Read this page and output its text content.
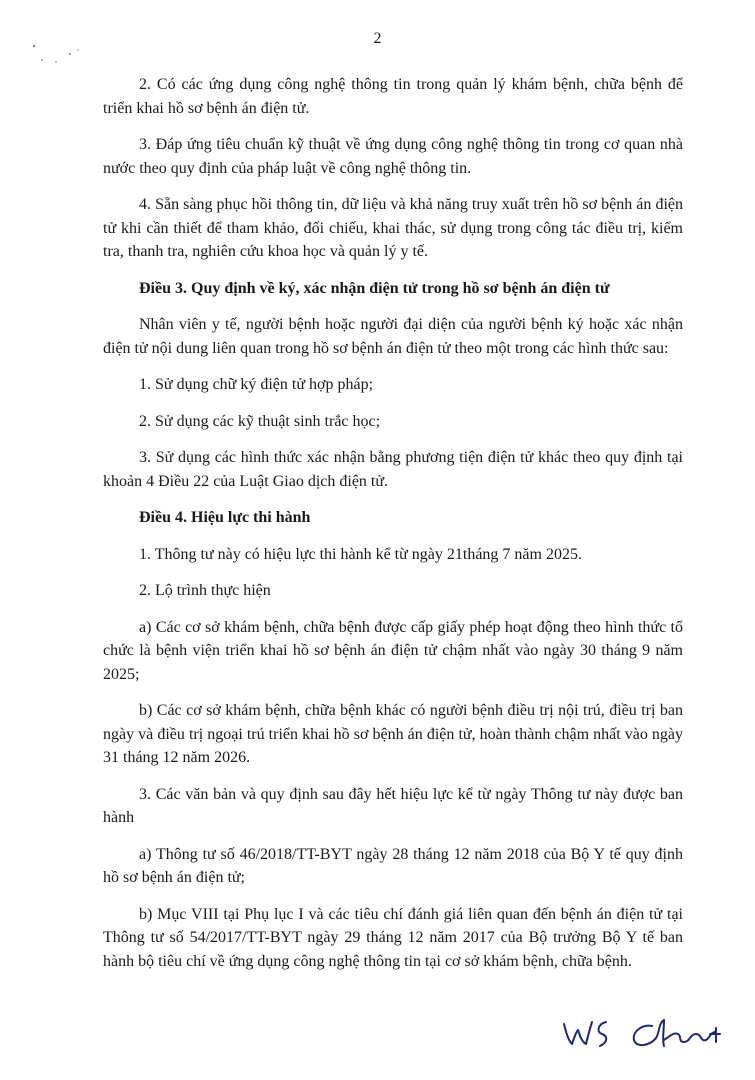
2

2. Có các ứng dụng công nghệ thông tin trong quản lý khám bệnh, chữa bệnh để triển khai hồ sơ bệnh án điện tử.

3. Đáp ứng tiêu chuẩn kỹ thuật về ứng dụng công nghệ thông tin trong cơ quan nhà nước theo quy định của pháp luật về công nghệ thông tin.

4. Sẵn sàng phục hồi thông tin, dữ liệu và khả năng truy xuất trên hồ sơ bệnh án điện tử khi cần thiết để tham khảo, đối chiếu, khai thác, sử dụng trong công tác điều trị, kiểm tra, thanh tra, nghiên cứu khoa học và quản lý y tế.

Điều 3. Quy định về ký, xác nhận điện tử trong hồ sơ bệnh án điện tử

Nhân viên y tế, người bệnh hoặc người đại diện của người bệnh ký hoặc xác nhận điện tử nội dung liên quan trong hồ sơ bệnh án điện tử theo một trong các hình thức sau:

1. Sử dụng chữ ký điện tử hợp pháp;

2. Sử dụng các kỹ thuật sinh trắc học;

3. Sử dụng các hình thức xác nhận bằng phương tiện điện tử khác theo quy định tại khoản 4 Điều 22 của Luật Giao dịch điện tử.

Điều 4. Hiệu lực thi hành

1. Thông tư này có hiệu lực thi hành kể từ ngày 21tháng 7 năm 2025.

2. Lộ trình thực hiện

a) Các cơ sở khám bệnh, chữa bệnh được cấp giấy phép hoạt động theo hình thức tổ chức là bệnh viện triển khai hồ sơ bệnh án điện tử chậm nhất vào ngày 30 tháng 9 năm 2025;

b) Các cơ sở khám bệnh, chữa bệnh khác có người bệnh điều trị nội trú, điều trị ban ngày và điều trị ngoại trú triển khai hồ sơ bệnh án điện tử, hoàn thành chậm nhất vào ngày 31 tháng 12 năm 2026.

3. Các văn bản và quy định sau đây hết hiệu lực kể từ ngày Thông tư này được ban hành

a) Thông tư số 46/2018/TT-BYT ngày 28 tháng 12 năm 2018 của Bộ Y tế quy định hồ sơ bệnh án điện tử;

b) Mục VIII tại Phụ lục I và các tiêu chí đánh giá liên quan đến bệnh án điện tử tại Thông tư số 54/2017/TT-BYT ngày 29 tháng 12 năm 2017 của Bộ trưởng Bộ Y tế ban hành bộ tiêu chí về ứng dụng công nghệ thông tin tại cơ sở khám bệnh, chữa bệnh.
